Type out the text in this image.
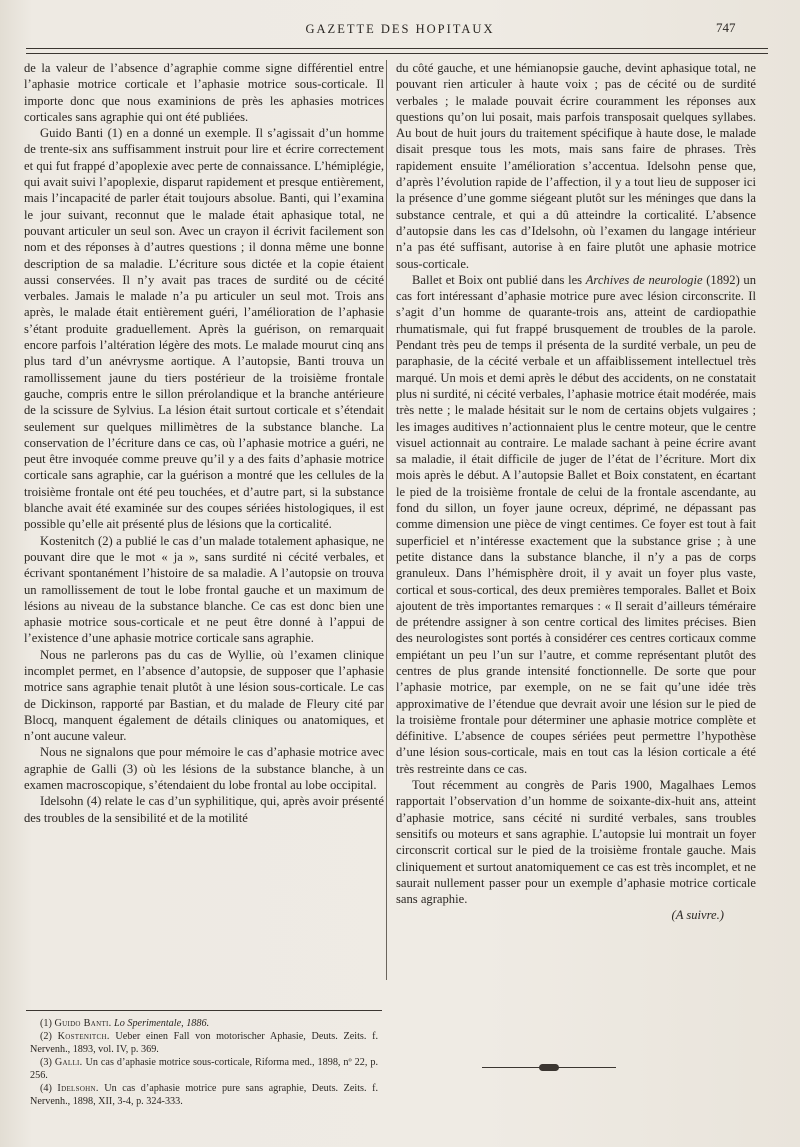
GAZETTE DES HOPITAUX	747

de la valeur de l’absence d’agraphie comme signe différentiel entre l’aphasie motrice corticale et l’aphasie motrice sous-corticale. Il importe donc que nous examinions de près les aphasies motrices corticales sans agraphie qui ont été publiées.

Guido Banti (1) en a donné un exemple. Il s’agissait d’un homme de trente-six ans suffisamment instruit pour lire et écrire correctement et qui fut frappé d’apoplexie avec perte de connaissance. L’hémiplégie, qui avait suivi l’apoplexie, disparut rapidement et presque entièrement, mais l’incapacité de parler était toujours absolue. Banti, qui l’examina le jour suivant, reconnut que le malade était aphasique total, ne pouvant articuler un seul son. Avec un crayon il écrivit facilement son nom et des réponses à d’autres questions ; il donna même une bonne description de sa maladie. L’écriture sous dictée et la copie étaient aussi conservées. Il n’y avait pas traces de surdité ou de cécité verbales. Jamais le malade n’a pu articuler un seul mot. Trois ans après, le malade était entièrement guéri, l’amélioration de l’aphasie s’étant produite graduellement. Après la guérison, on remarquait encore parfois l’altération légère des mots. Le malade mourut cinq ans plus tard d’un anévrysme aortique. A l’autopsie, Banti trouva un ramollissement jaune du tiers postérieur de la troisième frontale gauche, compris entre le sillon prérolandique et la branche antérieure de la scissure de Sylvius. La lésion était surtout corticale et s’étendait seulement sur quelques millimètres de la substance blanche. La conservation de l’écriture dans ce cas, où l’aphasie motrice a guéri, ne peut être invoquée comme preuve qu’il y a des faits d’aphasie motrice corticale sans agraphie, car la guérison a montré que les cellules de la troisième frontale ont été peu touchées, et d’autre part, si la substance blanche avait été examinée sur des coupes sériées histologiques, il est possible qu’elle ait présenté plus de lésions que la corticalité.

Kostenitch (2) a publié le cas d’un malade totalement aphasique, ne pouvant dire que le mot « ja », sans surdité ni cécité verbales, et écrivant spontanément l’histoire de sa maladie. A l’autopsie on trouva un ramollissement de tout le lobe frontal gauche et un maximum de lésions au niveau de la substance blanche. Ce cas est donc bien une aphasie motrice sous-corticale et ne peut être donné à l’appui de l’existence d’une aphasie motrice corticale sans agraphie.

Nous ne parlerons pas du cas de Wyllie, où l’examen clinique incomplet permet, en l’absence d’autopsie, de supposer que l’aphasie motrice sans agraphie tenait plutôt à une lésion sous-corticale. Le cas de Dickinson, rapporté par Bastian, et du malade de Fleury cité par Blocq, manquent également de détails cliniques ou anatomiques, et n’ont aucune valeur.

Nous ne signalons que pour mémoire le cas d’aphasie motrice avec agraphie de Galli (3) où les lésions de la substance blanche, à un examen macroscopique, s’étendaient du lobe frontal au lobe occipital.

Idelsohn (4) relate le cas d’un syphilitique, qui, après avoir présenté des troubles de la sensibilité et de la motilité

du côté gauche, et une hémianopsie gauche, devint aphasique total, ne pouvant rien articuler à haute voix ; pas de cécité ou de surdité verbales ; le malade pouvait écrire couramment les réponses aux questions qu’on lui posait, mais parfois transposait quelques syllabes. Au bout de huit jours du traitement spécifique à haute dose, le malade disait presque tous les mots, mais sans faire de phrases. Très rapidement ensuite l’amélioration s’accentua. Idelsohn pense que, d’après l’évolution rapide de l’affection, il y a tout lieu de supposer ici la présence d’une gomme siégeant plutôt sur les méninges que dans la substance centrale, et qui a dû atteindre la corticalité. L’absence d’autopsie dans les cas d’Idelsohn, où l’examen du langage intérieur n’a pas été suffisant, autorise à en faire plutôt une aphasie motrice sous-corticale.

Ballet et Boix ont publié dans les Archives de neurologie (1892) un cas fort intéressant d’aphasie motrice pure avec lésion circonscrite. Il s’agit d’un homme de quarante-trois ans, atteint de cardiopathie rhumatismale, qui fut frappé brusquement de troubles de la parole. Pendant très peu de temps il présenta de la surdité verbale, un peu de paraphasie, de la cécité verbale et un affaiblissement intellectuel très marqué. Un mois et demi après le début des accidents, on ne constatait plus ni surdité, ni cécité verbales, l’aphasie motrice était modérée, mais très nette ; le malade hésitait sur le nom de certains objets vulgaires ; les images auditives n’actionnaient plus le centre moteur, que le centre visuel actionnait au contraire. Le malade sachant à peine écrire avant sa maladie, il était difficile de juger de l’état de l’écriture. Mort dix mois après le début. A l’autopsie Ballet et Boix constatent, en écartant le pied de la troisième frontale de celui de la frontale ascendante, au fond du sillon, un foyer jaune ocreux, déprimé, ne dépassant pas comme dimension une pièce de vingt centimes. Ce foyer est tout à fait superficiel et n’intéresse exactement que la substance grise ; à une petite distance dans la substance blanche, il n’y a pas de corps granuleux. Dans l’hémisphère droit, il y avait un foyer plus vaste, cortical et sous-cortical, des deux premières temporales. Ballet et Boix ajoutent de très importantes remarques : « Il serait d’ailleurs téméraire de prétendre assigner à son centre cortical des limites précises. Bien des neurologistes sont portés à considérer ces centres corticaux comme empiétant un peu l’un sur l’autre, et comme représentant plutôt des centres de plus grande intensité fonctionnelle. De sorte que pour l’aphasie motrice, par exemple, on ne se fait qu’une idée très approximative de l’étendue que devrait avoir une lésion sur le pied de la troisième frontale pour déterminer une aphasie motrice complète et définitive. L’absence de coupes sériées peut permettre l’hypothèse d’une lésion sous-corticale, mais en tout cas la lésion corticale a été très restreinte dans ce cas.

Tout récemment au congrès de Paris 1900, Magalhaes Lemos rapportait l’observation d’un homme de soixante-dix-huit ans, atteint d’aphasie motrice, sans cécité ni surdité verbales, sans troubles sensitifs ou moteurs et sans agraphie. L’autopsie lui montrait un foyer circonscrit cortical sur le pied de la troisième frontale gauche. Mais cliniquement et surtout anatomiquement ce cas est très incomplet, et ne saurait nullement passer pour un exemple d’aphasie motrice corticale sans agraphie.

(A suivre.)

(1) Guido Banti. Lo Sperimentale, 1886.

(2) Kostenitch. Ueber einen Fall von motorischer Aphasie, Deuts. Zeits. f. Nervenh., 1893, vol. IV, p. 369.

(3) Galli. Un cas d’aphasie motrice sous-corticale, Riforma med., 1898, nº 22, p. 256.

(4) Idelsohn. Un cas d’aphasie motrice pure sans agraphie, Deuts. Zeits. f. Nervenh., 1898, XII, 3-4, p. 324-333.
